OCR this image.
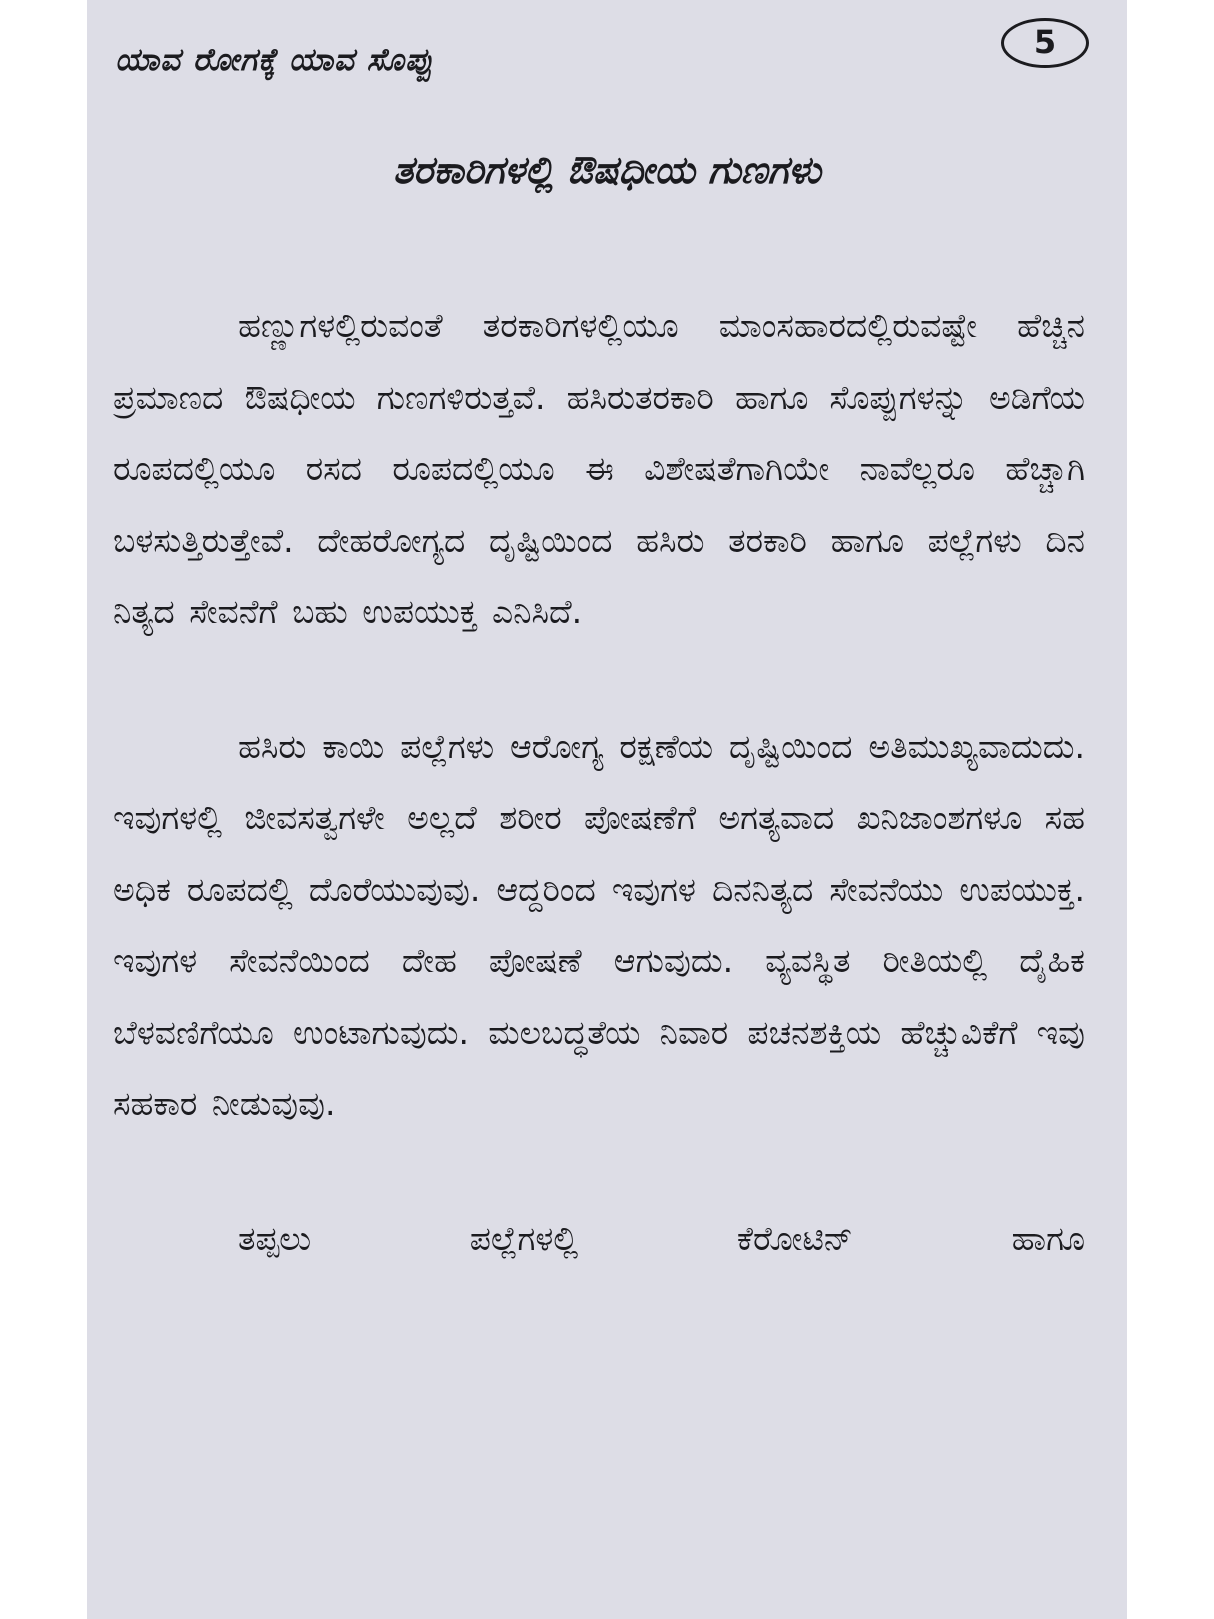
ಯಾವ ರೋಗಕ್ಕೆ ಯಾವ ಸೊಪ್ಪು	5
ತರಕಾರಿಗಳಲ್ಲಿ ಔಷಧೀಯ ಗುಣಗಳು

ಹಣ್ಣುಗಳಲ್ಲಿರುವಂತೆ ತರಕಾರಿಗಳಲ್ಲಿಯೂ ಮಾಂಸಹಾರದಲ್ಲಿರುವಷ್ಟೇ ಹೆಚ್ಚಿನ ಪ್ರಮಾಣದ ಔಷಧೀಯ ಗುಣಗಳಿರುತ್ತವೆ. ಹಸಿರುತರಕಾರಿ ಹಾಗೂ ಸೊಪ್ಪುಗಳನ್ನು ಅಡಿಗೆಯ ರೂಪದಲ್ಲಿಯೂ ರಸದ ರೂಪದಲ್ಲಿಯೂ ಈ ವಿಶೇಷತೆಗಾಗಿಯೇ ನಾವೆಲ್ಲರೂ ಹೆಚ್ಚಾಗಿ ಬಳಸುತ್ತಿರುತ್ತೇವೆ. ದೇಹರೋಗ್ಯದ ದೃಷ್ಟಿಯಿಂದ ಹಸಿರು ತರಕಾರಿ ಹಾಗೂ ಪಲ್ಲೆಗಳು ದಿನ ನಿತ್ಯದ ಸೇವನೆಗೆ ಬಹು ಉಪಯುಕ್ತ ಎನಿಸಿದೆ.

ಹಸಿರು ಕಾಯಿ ಪಲ್ಲೆಗಳು ಆರೋಗ್ಯ ರಕ್ಷಣೆಯ ದೃಷ್ಟಿಯಿಂದ ಅತಿಮುಖ್ಯವಾದುದು. ಇವುಗಳಲ್ಲಿ ಜೀವಸತ್ವಗಳೇ ಅಲ್ಲದೆ ಶರೀರ ಪೋಷಣೆಗೆ ಅಗತ್ಯವಾದ ಖನಿಜಾಂಶಗಳೂ ಸಹ ಅಧಿಕ ರೂಪದಲ್ಲಿ ದೊರೆಯುವುವು. ಆದ್ದರಿಂದ ಇವುಗಳ ದಿನನಿತ್ಯದ ಸೇವನೆಯು ಉಪಯುಕ್ತ. ಇವುಗಳ ಸೇವನೆಯಿಂದ ದೇಹ ಪೋಷಣೆ ಆಗುವುದು. ವ್ಯವಸ್ಥಿತ ರೀತಿಯಲ್ಲಿ ದೈಹಿಕ ಬೆಳವಣಿಗೆಯೂ ಉಂಟಾಗುವುದು. ಮಲಬದ್ಧತೆಯ ನಿವಾರ ಪಚನಶಕ್ತಿಯ ಹೆಚ್ಚುವಿಕೆಗೆ ಇವು ಸಹಕಾರ ನೀಡುವುವು.

ತಪ್ಪಲು ಪಲ್ಲೆಗಳಲ್ಲಿ ಕೆರೋಟಿನ್ ಹಾಗೂ
